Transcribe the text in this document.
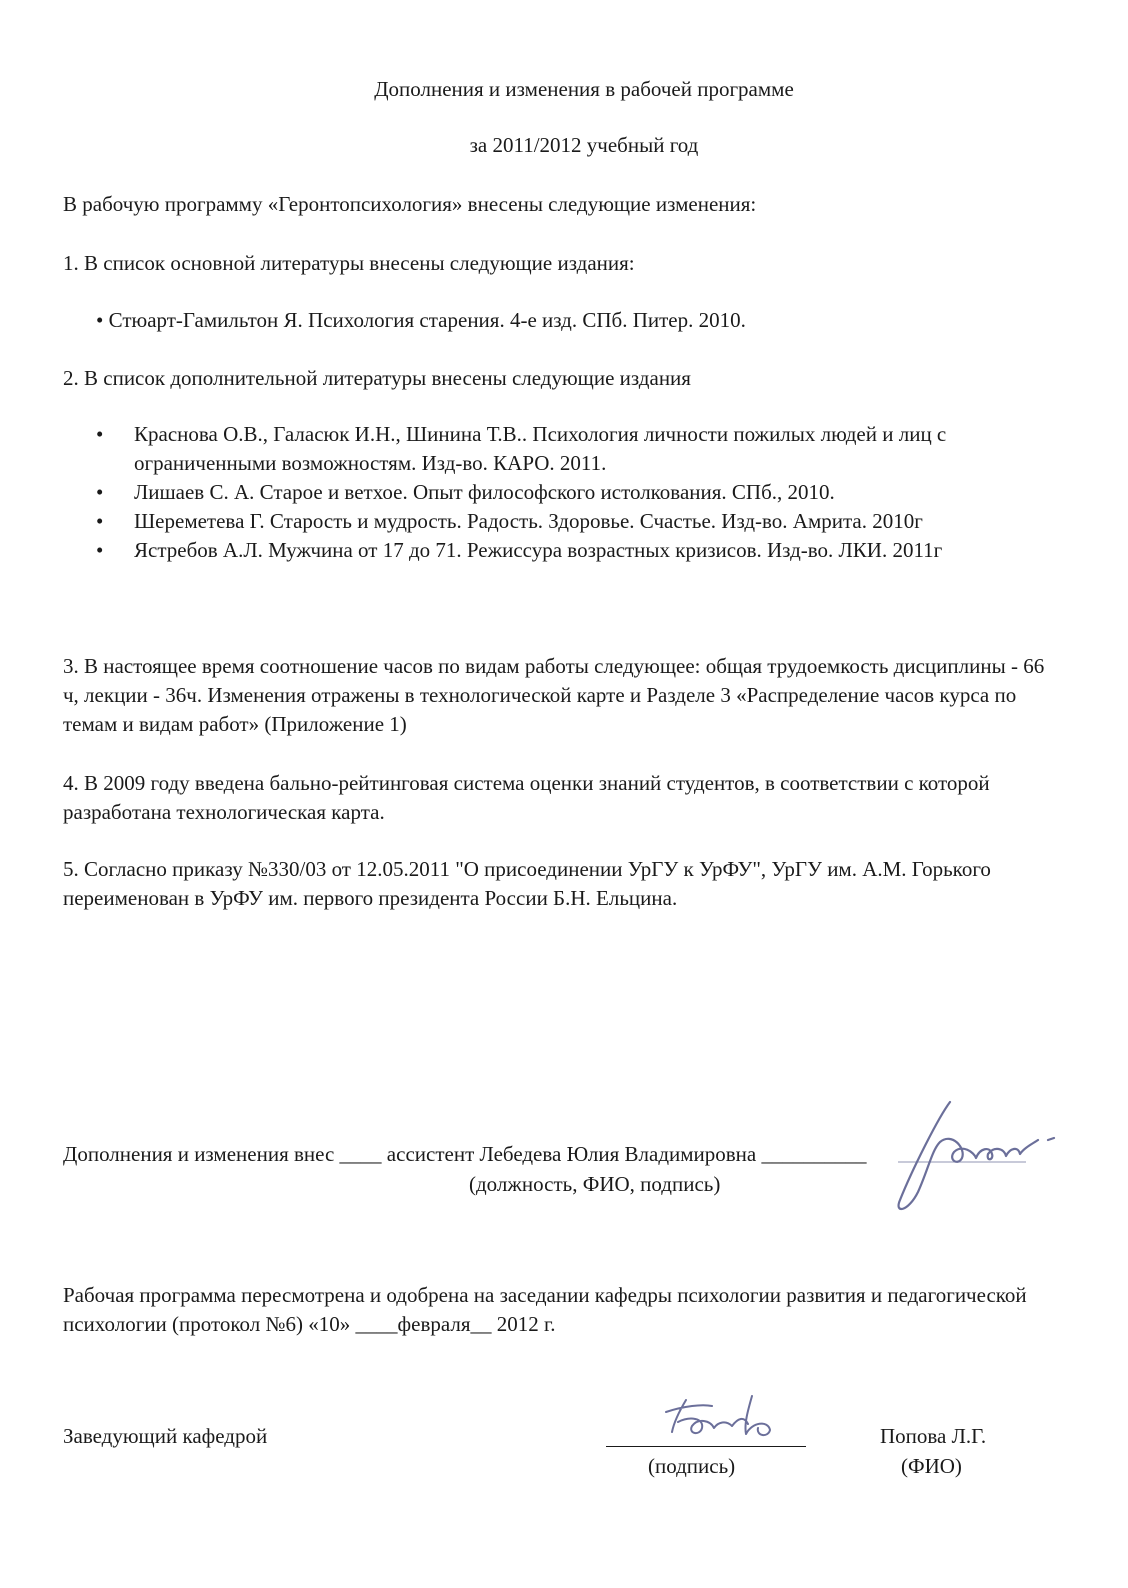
Дополнения и изменения в рабочей программе
за 2011/2012 учебный год
В рабочую программу «Геронтопсихология» внесены следующие изменения:
1. В список основной литературы внесены следующие издания:
• Стюарт-Гамильтон Я. Психология старения. 4-е изд. СПб. Питер. 2010.
2. В список дополнительной литературы внесены следующие издания
• Краснова О.В., Галасюк И.Н., Шинина Т.В.. Психология личности пожилых людей и лиц с ограниченными возможностям. Изд-во. КАРО. 2011.
• Лишаев С. А. Старое и ветхое. Опыт философского истолкования. СПб., 2010.
• Шереметева Г. Старость и мудрость. Радость. Здоровье. Счастье. Изд-во. Амрита. 2010г
• Ястребов А.Л. Мужчина от 17 до 71. Режиссура возрастных кризисов. Изд-во. ЛКИ. 2011г

3. В настоящее время соотношение часов по видам работы следующее: общая трудоемкость дисциплины - 66 ч, лекции - 36ч. Изменения отражены в технологической карте и Разделе 3 «Распределение часов курса по темам и видам работ» (Приложение 1)

4. В 2009 году введена бально-рейтинговая система оценки знаний студентов, в соответствии с которой разработана технологическая карта.

5. Согласно приказу №330/03 от 12.05.2011 "О присоединении УрГУ к УрФУ", УрГУ им. А.М. Горького переименован в УрФУ им. первого президента России Б.Н. Ельцина.

Дополнения и изменения внес ____ ассистент Лебедева Юлия Владимировна __________
(должность, ФИО, подпись)

Рабочая программа пересмотрена и одобрена на заседании кафедры психологии развития и педагогической психологии (протокол №6) «10» ____февраля__ 2012 г.

Заведующий кафедрой
(подпись)
Попова Л.Г.
(ФИО)
